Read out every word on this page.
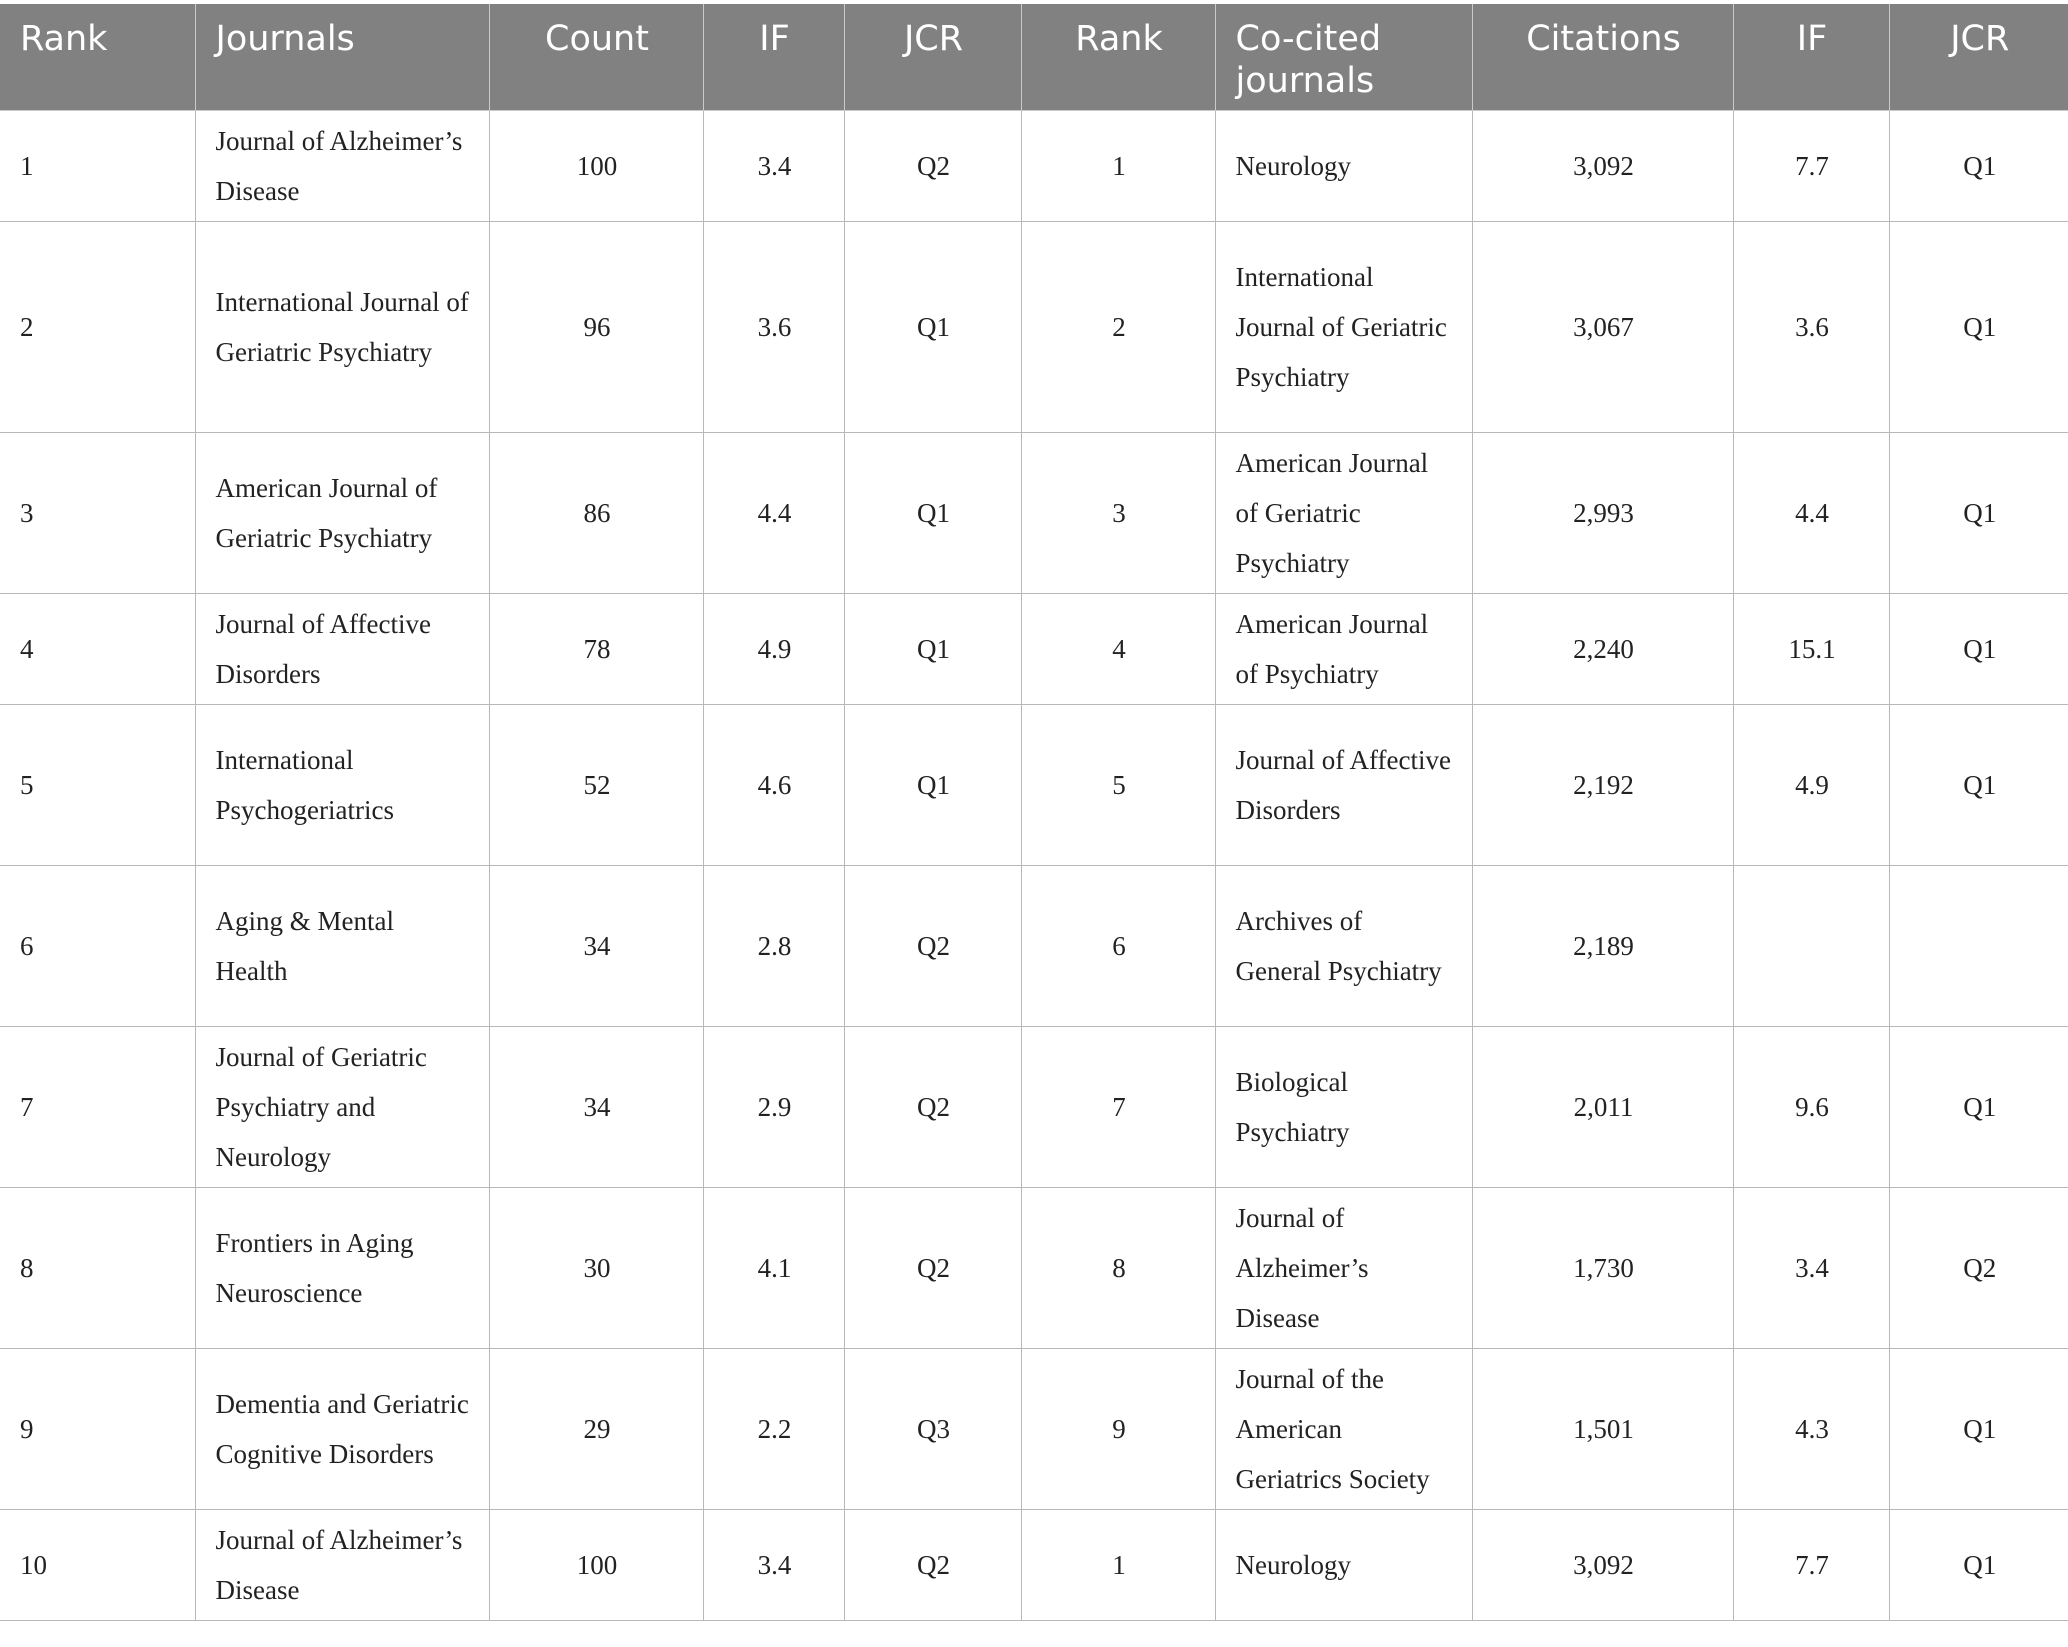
Rank	Journals	Count	IF	JCR	Rank	Co-cited journals	Citations	IF	JCR
1	Journal of Alzheimer’s Disease	100	3.4	Q2	1	Neurology	3,092	7.7	Q1
2	International Journal of Geriatric Psychiatry	96	3.6	Q1	2	International Journal of Geriatric Psychiatry	3,067	3.6	Q1
3	American Journal of Geriatric Psychiatry	86	4.4	Q1	3	American Journal of Geriatric Psychiatry	2,993	4.4	Q1
4	Journal of Affective Disorders	78	4.9	Q1	4	American Journal of Psychiatry	2,240	15.1	Q1
5	International Psychogeriatrics	52	4.6	Q1	5	Journal of Affective Disorders	2,192	4.9	Q1
6	Aging & Mental Health	34	2.8	Q2	6	Archives of General Psychiatry	2,189		
7	Journal of Geriatric Psychiatry and Neurology	34	2.9	Q2	7	Biological Psychiatry	2,011	9.6	Q1
8	Frontiers in Aging Neuroscience	30	4.1	Q2	8	Journal of Alzheimer’s Disease	1,730	3.4	Q2
9	Dementia and Geriatric Cognitive Disorders	29	2.2	Q3	9	Journal of the American Geriatrics Society	1,501	4.3	Q1
10	Journal of Alzheimer’s Disease	100	3.4	Q2	1	Neurology	3,092	7.7	Q1
